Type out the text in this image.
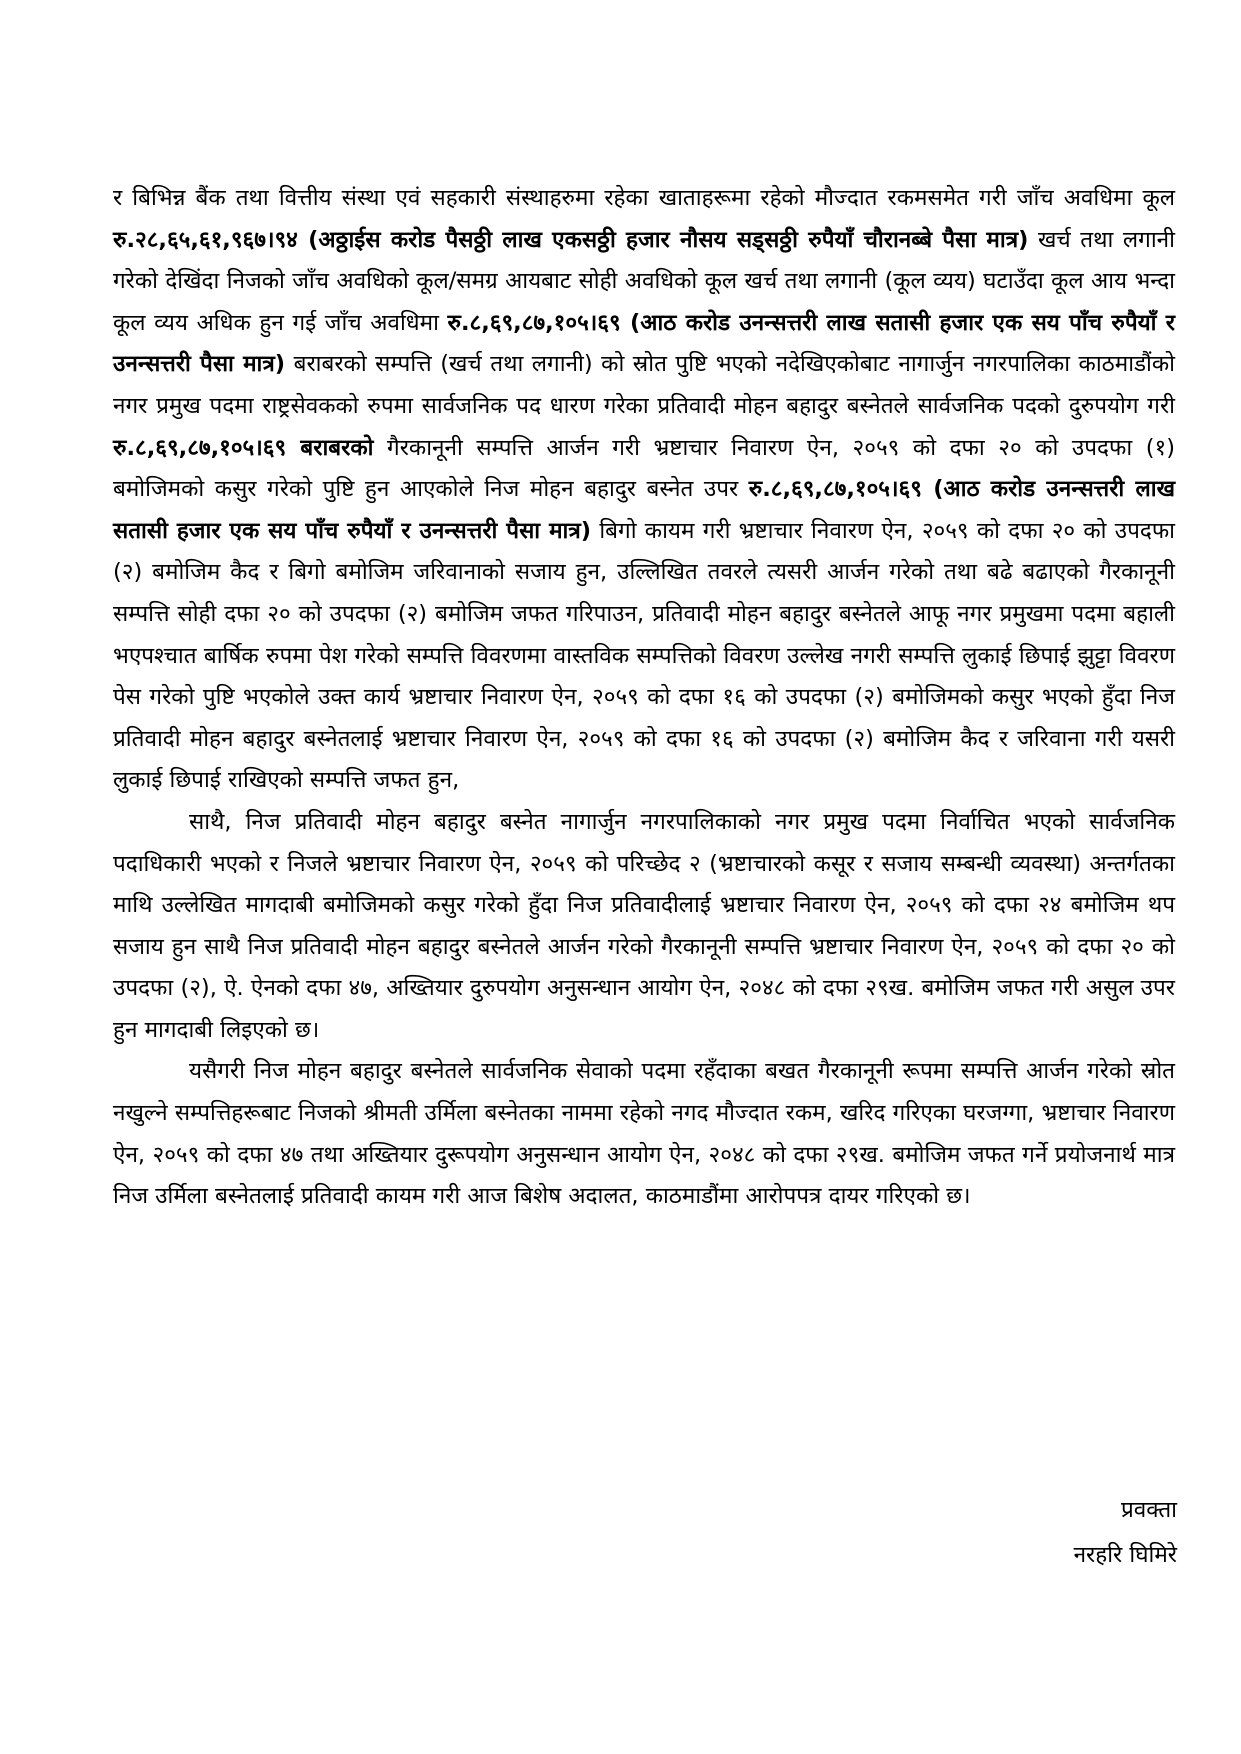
र बिभिन्न बैंक तथा वित्तीय संस्था एवं सहकारी संस्थाहरुमा रहेका खाताहरूमा रहेको मौज्दात रकमसमेत गरी जाँच अवधिमा कूल रु.२८,६५,६१,९६७।९४ (अठ्ठाईस करोड पैसठ्ठी लाख एकसठ्ठी हजार नौसय सड्सठ्ठी रुपैयाँ चौरानब्बे पैसा मात्र) खर्च तथा लगानी गरेको देखिंदा निजको जाँच अवधिको कूल/समग्र आयबाट सोही अवधिको कूल खर्च तथा लगानी (कूल व्यय) घटाउँदा कूल आय भन्दा कूल व्यय अधिक हुन गई जाँच अवधिमा रु.८,६९,८७,१०५।६९ (आठ करोड उनन्सत्तरी लाख सतासी हजार एक सय पाँच रुपैयाँ र उनन्सत्तरी पैसा मात्र) बराबरको सम्पत्ति (खर्च तथा लगानी) को स्रोत पुष्टि भएको नदेखिएकोबाट नागार्जुन नगरपालिका काठमाडौंको नगर प्रमुख पदमा राष्ट्रसेवकको रुपमा सार्वजनिक पद धारण गरेका प्रतिवादी मोहन बहादुर बस्नेतले सार्वजनिक पदको दुरुपयोग गरी रु.८,६९,८७,१०५।६९ बराबरको गैरकानूनी सम्पत्ति आर्जन गरी भ्रष्टाचार निवारण ऐन, २०५९ को दफा २० को उपदफा (१) बमोजिमको कसुर गरेको पुष्टि हुन आएकोले निज मोहन बहादुर बस्नेत उपर रु.८,६९,८७,१०५।६९ (आठ करोड उनन्सत्तरी लाख सतासी हजार एक सय पाँच रुपैयाँ र उनन्सत्तरी पैसा मात्र) बिगो कायम गरी भ्रष्टाचार निवारण ऐन, २०५९ को दफा २० को उपदफा (२) बमोजिम कैद र बिगो बमोजिम जरिवानाको सजाय हुन, उल्लिखित तवरले त्यसरी आर्जन गरेको तथा बढे बढाएको गैरकानूनी सम्पत्ति सोही दफा २० को उपदफा (२) बमोजिम जफत गरिपाउन, प्रतिवादी मोहन बहादुर बस्नेतले आफू नगर प्रमुखमा पदमा बहाली भएपश्चात बार्षिक रुपमा पेश गरेको सम्पत्ति विवरणमा वास्तविक सम्पत्तिको विवरण उल्लेख नगरी सम्पत्ति लुकाई छिपाई झुट्टा विवरण पेस गरेको पुष्टि भएकोले उक्त कार्य भ्रष्टाचार निवारण ऐन, २०५९ को दफा १६ को उपदफा (२) बमोजिमको कसुर भएको हुँदा निज प्रतिवादी मोहन बहादुर बस्नेतलाई भ्रष्टाचार निवारण ऐन, २०५९ को दफा १६ को उपदफा (२) बमोजिम कैद र जरिवाना गरी यसरी लुकाई छिपाई राखिएको सम्पत्ति जफत हुन,

साथै, निज प्रतिवादी मोहन बहादुर बस्नेत नागार्जुन नगरपालिकाको नगर प्रमुख पदमा निर्वाचित भएको सार्वजनिक पदाधिकारी भएको र निजले भ्रष्टाचार निवारण ऐन, २०५९ को परिच्छेद २ (भ्रष्टाचारको कसूर र सजाय सम्बन्धी व्यवस्था) अन्तर्गतका माथि उल्लेखित मागदाबी बमोजिमको कसुर गरेको हुँदा निज प्रतिवादीलाई भ्रष्टाचार निवारण ऐन, २०५९ को दफा २४ बमोजिम थप सजाय हुन साथै निज प्रतिवादी मोहन बहादुर बस्नेतले आर्जन गरेको गैरकानूनी सम्पत्ति भ्रष्टाचार निवारण ऐन, २०५९ को दफा २० को उपदफा (२), ऐ. ऐनको दफा ४७, अख्तियार दुरुपयोग अनुसन्धान आयोग ऐन, २०४८ को दफा २९ख. बमोजिम जफत गरी असुल उपर हुन मागदाबी लिइएको छ।

यसैगरी निज मोहन बहादुर बस्नेतले सार्वजनिक सेवाको पदमा रहँदाका बखत गैरकानूनी रूपमा सम्पत्ति आर्जन गरेको स्रोत नखुल्ने सम्पत्तिहरूबाट निजको श्रीमती उर्मिला बस्नेतका नाममा रहेको नगद मौज्दात रकम, खरिद गरिएका घरजग्गा, भ्रष्टाचार निवारण ऐन, २०५९ को दफा ४७ तथा अख्तियार दुरूपयोग अनुसन्धान आयोग ऐन, २०४८ को दफा २९ख. बमोजिम जफत गर्ने प्रयोजनार्थ मात्र निज उर्मिला बस्नेतलाई प्रतिवादी कायम गरी आज बिशेष अदालत, काठमाडौंमा आरोपपत्र दायर गरिएको छ।

प्रवक्ता
नरहरि घिमिरे
